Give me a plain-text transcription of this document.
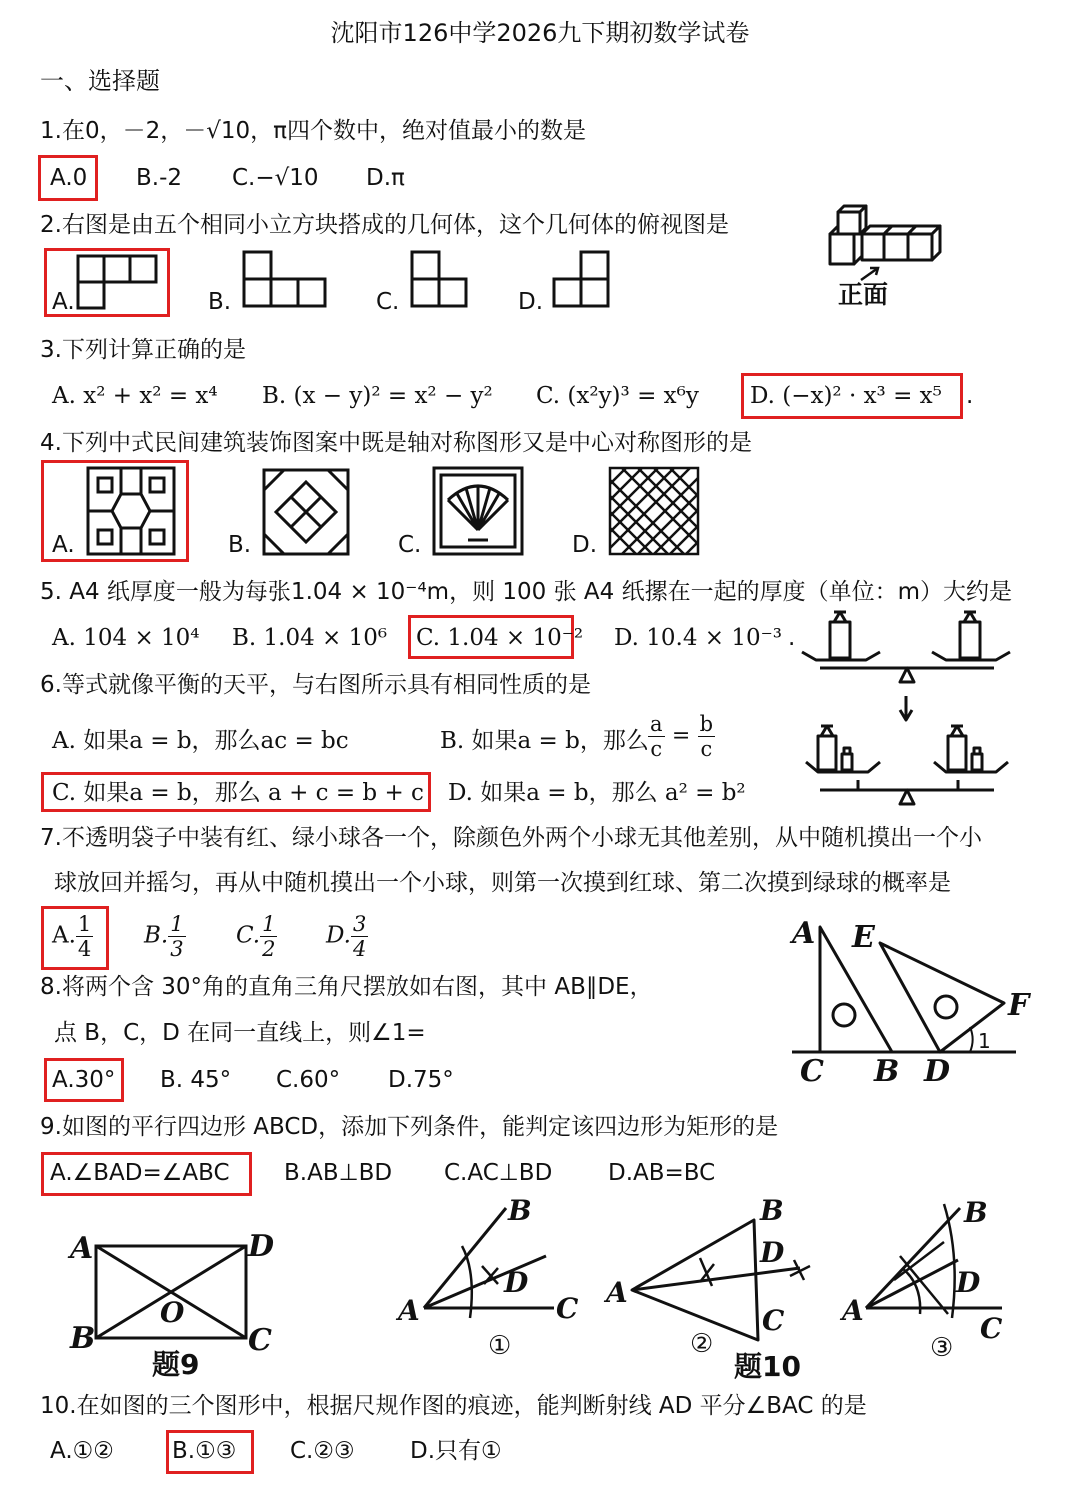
沈阳市126中学2026九下期初数学试卷
一、选择题
1.在0，－2，－√10，π四个数中，绝对值最小的数是
A.0 B.-2 C.−√10 D.π
2.右图是由五个相同小立方块搭成的几何体，这个几何体的俯视图是
A.	B.	C.	D.	正面
3.下列计算正确的是
A. x² + x² = x⁴ B. (x − y)² = x² − y² C. (x²y)³ = x⁶y D. (−x)² · x³ = x⁵ .
4.下列中式民间建筑装饰图案中既是轴对称图形又是中心对称图形的是
A.	B.	C.	D.
5. A4 纸厚度一般为每张1.04 × 10⁻⁴m，则 100 张 A4 纸摞在一起的厚度（单位：m）大约是
A. 104 × 10⁴ B. 1.04 × 10⁶ C. 1.04 × 10⁻² D. 10.4 × 10⁻³ .
6.等式就像平衡的天平，与右图所示具有相同性质的是
A. 如果a = b，那么ac = bc	B. 如果a = b，那么 $\frac{a}{c} = \frac{b}{c}$
C. 如果a = b，那么 a + c = b + c D. 如果a = b，那么 a² = b²
7.不透明袋子中装有红、绿小球各一个，除颜色外两个小球无其他差别，从中随机摸出一个小
球放回并摇匀，再从中随机摸出一个小球，则第一次摸到红球、第二次摸到绿球的概率是
A. $\frac{1}{4} B$. $\frac{1}{3} C$. $\frac{1}{2} D$. $\frac{3}{4}$	A E
F
C B D
1
8.将两个含 30°角的直角三角尺摆放如右图，其中 AB∥DE，
点 B，C，D 在同一直线上，则∠1=
A.30° B. 45° C.60° D.75°
9.如图的平行四边形 ABCD，添加下列条件，能判定该四边形为矩形的是
A.∠BAD=∠ABC B.AB⊥BD C.AC⊥BD D.AB=BC
A	D
B	C
O
题9
B
D
A	C
①
B
D
A
C
②
题10
B
D
A
C
③
10.在如图的三个图形中，根据尺规作图的痕迹，能判断射线 AD 平分∠BAC 的是
A.①②	B.①③ C.②③ D.只有①
